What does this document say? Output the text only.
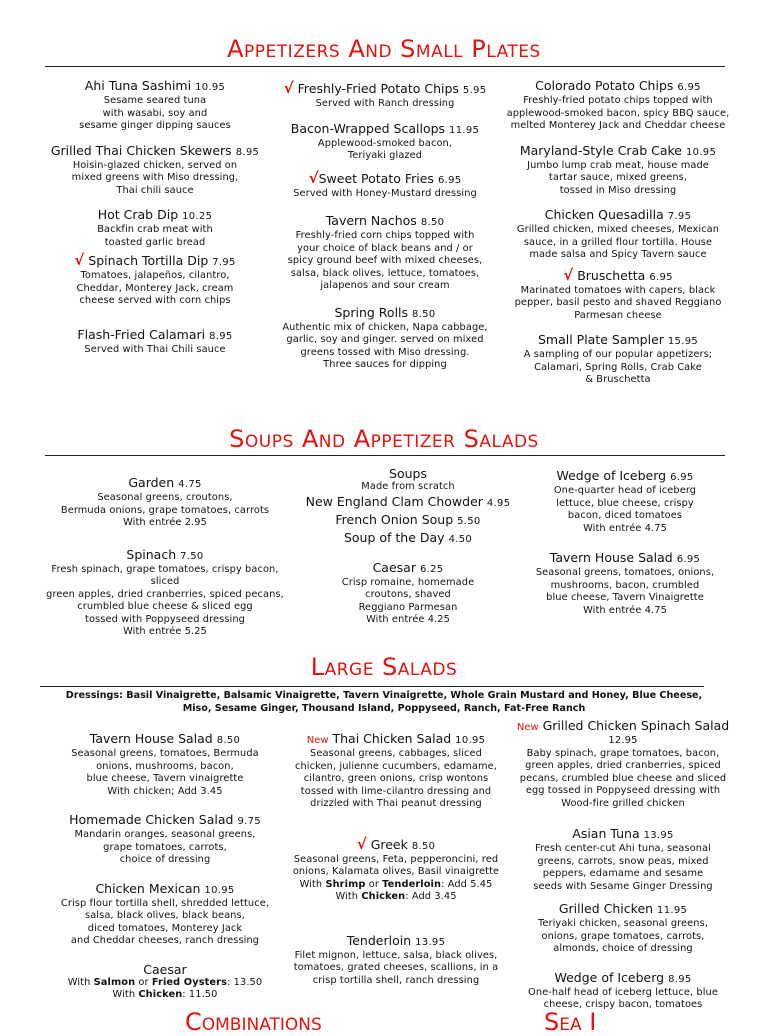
Appetizers And Small Plates
Ahi Tuna Sashimi 10.95
Sesame seared tuna
with wasabi, soy and
sesame ginger dipping sauces
Grilled Thai Chicken Skewers 8.95
Hoisin-glazed chicken, served on
mixed greens with Miso dressing,
Thai chili sauce
Hot Crab Dip 10.25
Backfin crab meat with
toasted garlic bread
√ Spinach Tortilla Dip 7.95
Tomatoes, jalapeños, cilantro,
Cheddar, Monterey Jack, cream
cheese served with corn chips
Flash-Fried Calamari 8.95
Served with Thai Chili sauce
√ Freshly-Fried Potato Chips 5.95
Served with Ranch dressing
Bacon-Wrapped Scallops 11.95
Applewood-smoked bacon,
Teriyaki glazed
√Sweet Potato Fries 6.95
Served with Honey-Mustard dressing
Tavern Nachos 8.50
Freshly-fried corn chips topped with
your choice of black beans and / or
spicy ground beef with mixed cheeses,
salsa, black olives, lettuce, tomatoes,
jalapenos and sour cream
Spring Rolls 8.50
Authentic mix of chicken, Napa cabbage,
garlic, soy and ginger. served on mixed
greens tossed with Miso dressing.
Three sauces for dipping
Colorado Potato Chips 6.95
Freshly-fried potato chips topped with
applewood-smoked bacon, spicy BBQ sauce,
melted Monterey Jack and Cheddar cheese
Maryland-Style Crab Cake 10.95
Jumbo lump crab meat, house made
tartar sauce, mixed greens,
tossed in Miso dressing
Chicken Quesadilla 7.95
Grilled chicken, mixed cheeses, Mexican
sauce, in a grilled flour tortilla. House
made salsa and Spicy Tavern sauce
√ Bruschetta 6.95
Marinated tomatoes with capers, black
pepper, basil pesto and shaved Reggiano
Parmesan cheese
Small Plate Sampler 15.95
A sampling of our popular appetizers;
Calamari, Spring Rolls, Crab Cake
& Bruschetta
Soups And Appetizer Salads
Garden 4.75
Seasonal greens, croutons,
Bermuda onions, grape tomatoes, carrots
With entrée 2.95
Spinach 7.50
Fresh spinach, grape tomatoes, crispy bacon, sliced
green apples, dried cranberries, spiced pecans,
crumbled blue cheese & sliced egg
tossed with Poppyseed dressing
With entrée 5.25
Soups
Made from scratch
New England Clam Chowder 4.95
French Onion Soup 5.50
Soup of the Day 4.50
Caesar 6.25
Crisp romaine, homemade
croutons, shaved
Reggiano Parmesan
With entrée 4.25
Wedge of Iceberg 6.95
One-quarter head of iceberg
lettuce, blue cheese, crispy
bacon, diced tomatoes
With entrée 4.75
Tavern House Salad 6.95
Seasonal greens, tomatoes, onions,
mushrooms, bacon, crumbled
blue cheese, Tavern Vinaigrette
With entrée 4.75
Large Salads
Dressings: Basil Vinaigrette, Balsamic Vinaigrette, Tavern Vinaigrette, Whole Grain Mustard and Honey, Blue Cheese,
Miso, Sesame Ginger, Thousand Island, Poppyseed, Ranch, Fat-Free Ranch
Tavern House Salad 8.50
Seasonal greens, tomatoes, Bermuda
onions, mushrooms, bacon,
blue cheese, Tavern vinaigrette
With chicken; Add 3.45
Homemade Chicken Salad 9.75
Mandarin oranges, seasonal greens,
grape tomatoes, carrots,
choice of dressing
Chicken Mexican 10.95
Crisp flour tortilla shell, shredded lettuce,
salsa, black olives, black beans,
diced tomatoes, Monterey Jack
and Cheddar cheeses, ranch dressing
Caesar
With Salmon or Fried Oysters: 13.50
With Chicken: 11.50
New Thai Chicken Salad 10.95
Seasonal greens, cabbages, sliced
chicken, julienne cucumbers, edamame,
cilantro, green onions, crisp wontons
tossed with lime-cilantro dressing and
drizzled with Thai peanut dressing
√ Greek 8.50
Seasonal greens, Feta, pepperoncini, red
onions, Kalamata olives, Basil vinaigrette
With Shrimp or Tenderloin: Add 5.45
With Chicken: Add 3.45
Tenderloin 13.95
Filet mignon, lettuce, salsa, black olives,
tomatoes, grated cheeses, scallions, in a
crisp tortilla shell, ranch dressing
New Grilled Chicken Spinach Salad
12.95
Baby spinach, grape tomatoes, bacon,
green apples, dried cranberries, spiced
pecans, crumbled blue cheese and sliced
egg tossed in Poppyseed dressing with
Wood-fire grilled chicken
Asian Tuna 13.95
Fresh center-cut Ahi tuna, seasonal
greens, carrots, snow peas, mixed
peppers, edamame and sesame
seeds with Sesame Ginger Dressing
Grilled Chicken 11.95
Teriyaki chicken, seasonal greens,
onions, grape tomatoes, carrots,
almonds, choice of dressing
Wedge of Iceberg 8.95
One-half head of iceberg lettuce, blue
cheese, crispy bacon, tomatoes
Combinations	Sea I
